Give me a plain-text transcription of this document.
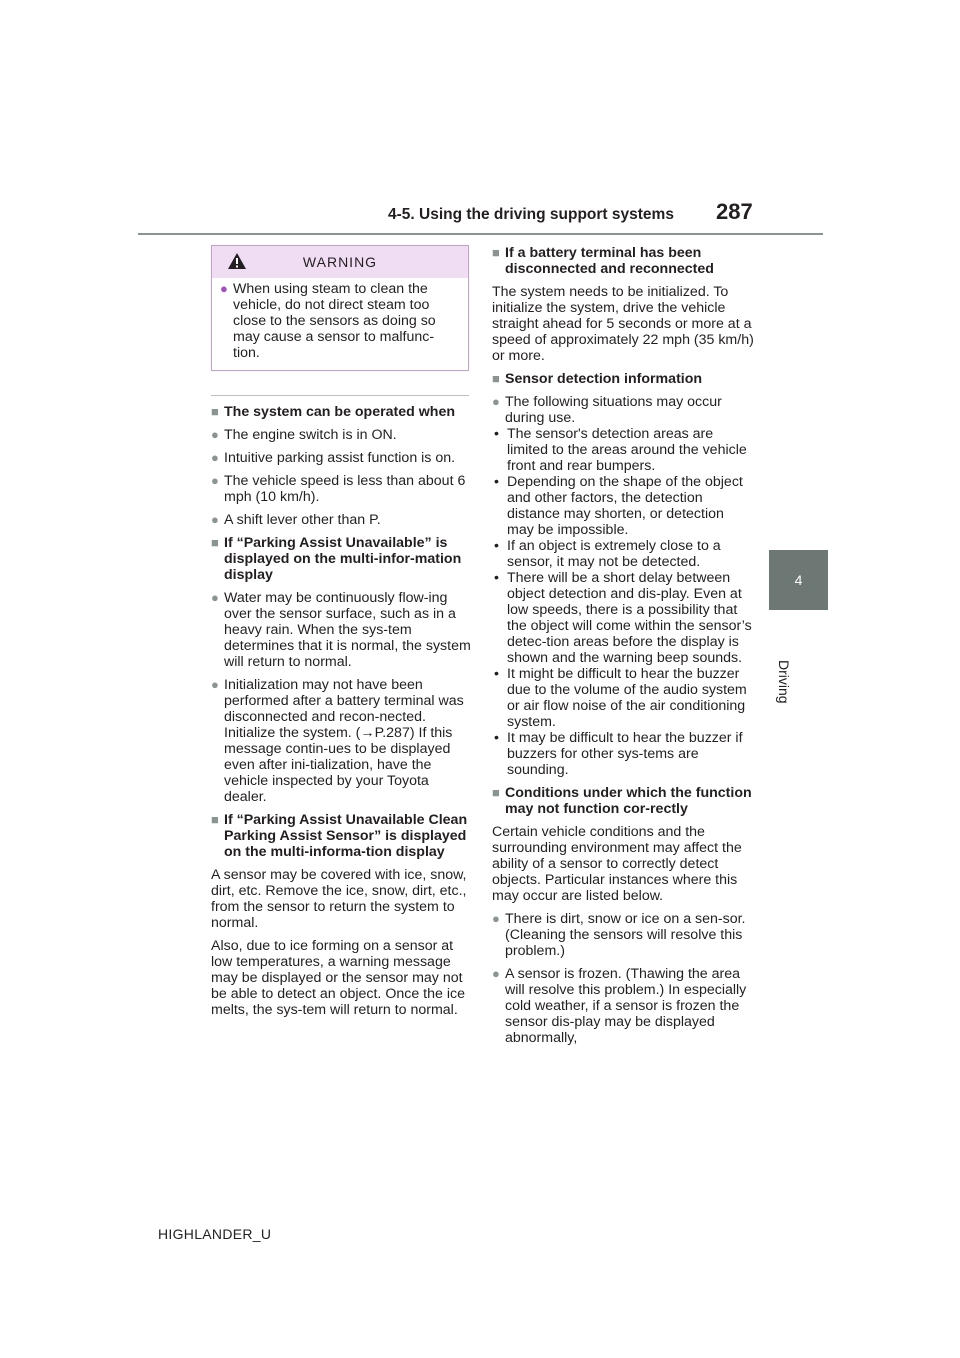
4-5. Using the driving support systems 287
4
Driving
WARNING
● When using steam to clean the vehicle, do not direct steam too close to the sensors as doing so may cause a sensor to malfunc-tion.
■ The system can be operated when
● The engine switch is in ON.
● Intuitive parking assist function is on.
● The vehicle speed is less than about 6 mph (10 km/h).
● A shift lever other than P.
■ If “Parking Assist Unavailable” is displayed on the multi-infor-mation display
● Water may be continuously flow-ing over the sensor surface, such as in a heavy rain. When the sys-tem determines that it is normal, the system will return to normal.
● Initialization may not have been performed after a battery terminal was disconnected and recon-nected. Initialize the system. (→P.287) If this message contin-ues to be displayed even after ini-tialization, have the vehicle inspected by your Toyota dealer.
■ If “Parking Assist Unavailable Clean Parking Assist Sensor” is displayed on the multi-informa-tion display
A sensor may be covered with ice, snow, dirt, etc. Remove the ice, snow, dirt, etc., from the sensor to return the system to normal.
Also, due to ice forming on a sensor at low temperatures, a warning message may be displayed or the sensor may not be able to detect an object. Once the ice melts, the sys-tem will return to normal.
■ If a battery terminal has been disconnected and reconnected
The system needs to be initialized. To initialize the system, drive the vehicle straight ahead for 5 seconds or more at a speed of approximately 22 mph (35 km/h) or more.
■ Sensor detection information
● The following situations may occur during use.
• The sensor's detection areas are limited to the areas around the vehicle front and rear bumpers.
• Depending on the shape of the object and other factors, the detection distance may shorten, or detection may be impossible.
• If an object is extremely close to a sensor, it may not be detected.
• There will be a short delay between object detection and dis-play. Even at low speeds, there is a possibility that the object will come within the sensor’s detec-tion areas before the display is shown and the warning beep sounds.
• It might be difficult to hear the buzzer due to the volume of the audio system or air flow noise of the air conditioning system.
• It may be difficult to hear the buzzer if buzzers for other sys-tems are sounding.
■ Conditions under which the function may not function cor-rectly
Certain vehicle conditions and the surrounding environment may affect the ability of a sensor to correctly detect objects. Particular instances where this may occur are listed below.
● There is dirt, snow or ice on a sen-sor. (Cleaning the sensors will resolve this problem.)
● A sensor is frozen. (Thawing the area will resolve this problem.) In especially cold weather, if a sensor is frozen the sensor dis-play may be displayed abnormally,
HIGHLANDER_U
